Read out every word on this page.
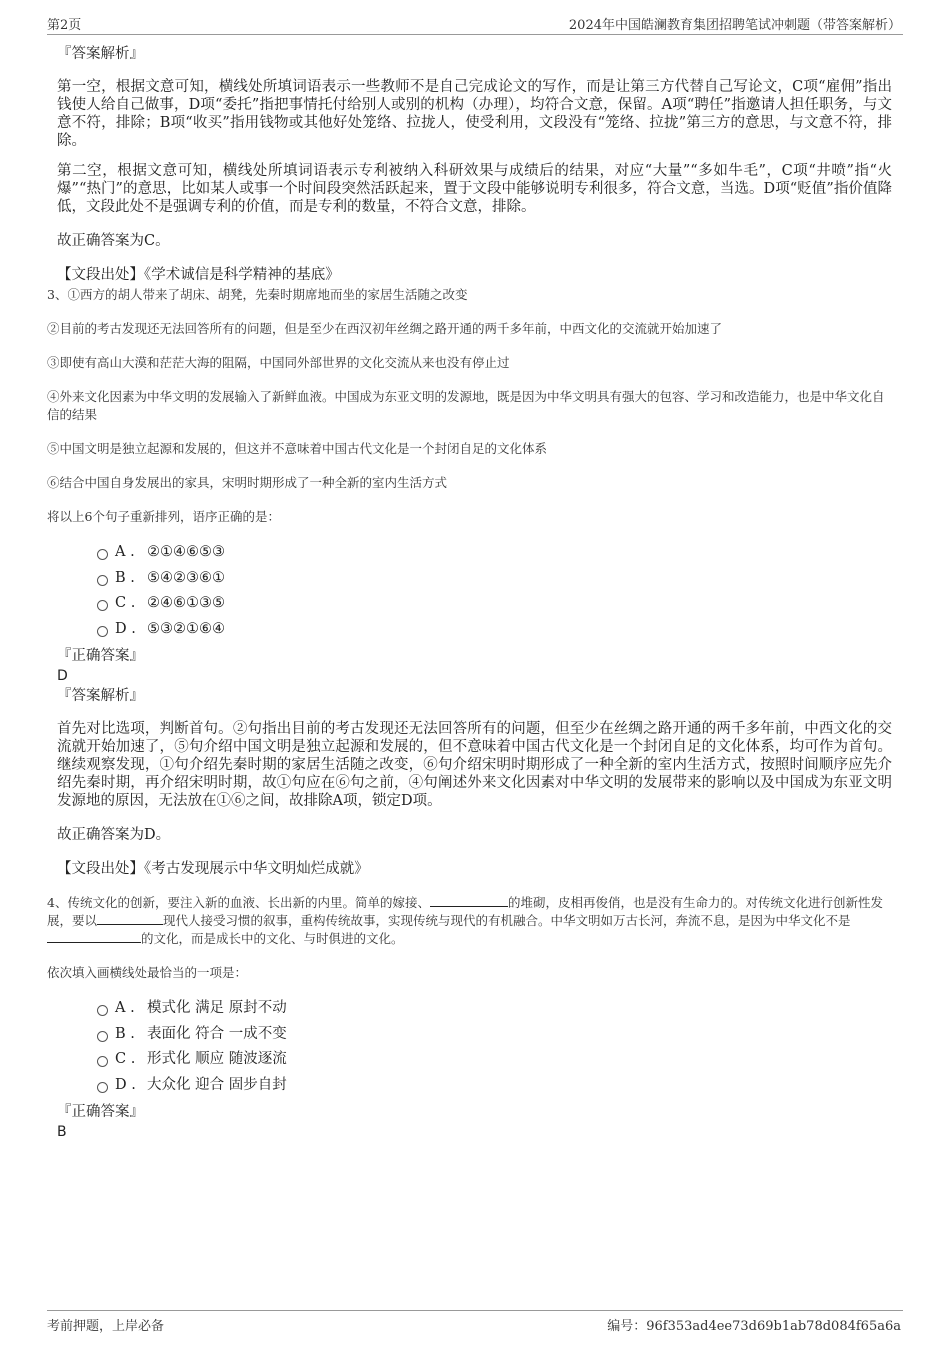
第2页	2024年中国皓澜教育集团招聘笔试冲刺题（带答案解析）
『答案解析』
第一空，根据文意可知，横线处所填词语表示一些教师不是自己完成论文的写作，而是让第三方代替自己写论文，C项“雇佣”指出钱使人给自己做事，D项“委托”指把事情托付给别人或别的机构（办理），均符合文意，保留。A项“聘任”指邀请人担任职务，与文意不符，排除；B项“收买”指用钱物或其他好处笼络、拉拢人，使受利用，文段没有“笼络、拉拢”第三方的意思，与文意不符，排除。
第二空，根据文意可知，横线处所填词语表示专利被纳入科研效果与成绩后的结果，对应“大量”“多如牛毛”，C项“井喷”指“火爆”“热门”的意思，比如某人或事一个时间段突然活跃起来，置于文段中能够说明专利很多，符合文意，当选。D项“贬值”指价值降低，文段此处不是强调专利的价值，而是专利的数量，不符合文意，排除。
故正确答案为C。
【文段出处】《学术诚信是科学精神的基底》

3、①西方的胡人带来了胡床、胡凳，先秦时期席地而坐的家居生活随之改变

②目前的考古发现还无法回答所有的问题，但是至少在西汉初年丝绸之路开通的两千多年前，中西文化的交流就开始加速了

③即使有高山大漠和茫茫大海的阻隔，中国同外部世界的文化交流从来也没有停止过

④外来文化因素为中华文明的发展输入了新鲜血液。中国成为东亚文明的发源地，既是因为中华文明具有强大的包容、学习和改造能力，也是中华文化自信的结果

⑤中国文明是独立起源和发展的，但这并不意味着中国古代文化是一个封闭自足的文化体系

⑥结合中国自身发展出的家具，宋明时期形成了一种全新的室内生活方式

将以上6个句子重新排列，语序正确的是：

A . ②①④⑥⑤③
B . ⑤④②③⑥①
C . ②④⑥①③⑤
D . ⑤③②①⑥④
『正确答案』
D
『答案解析』
首先对比选项，判断首句。②句指出目前的考古发现还无法回答所有的问题，但至少在丝绸之路开通的两千多年前，中西文化的交流就开始加速了，⑤句介绍中国文明是独立起源和发展的，但不意味着中国古代文化是一个封闭自足的文化体系，均可作为首句。继续观察发现，①句介绍先秦时期的家居生活随之改变，⑥句介绍宋明时期形成了一种全新的室内生活方式，按照时间顺序应先介绍先秦时期，再介绍宋明时期，故①句应在⑥句之前，④句阐述外来文化因素对中华文明的发展带来的影响以及中国成为东亚文明发源地的原因，无法放在①⑥之间，故排除A项，锁定D项。
故正确答案为D。
【文段出处】《考古发现展示中华文明灿烂成就》

4、传统文化的创新，要注入新的血液、长出新的内里。简单的嫁接、	的堆砌，皮相再俊俏，也是没有生命力的。对传统文化进行创新性发展，要以	现代人接受习惯的叙事，重构传统故事，实现传统与现代的有机融合。中华文明如万古长河，奔流不息，是因为中华文化不是的文化，而是成长中的文化、与时俱进的文化。

依次填入画横线处最恰当的一项是：

A . 模式化 满足 原封不动
B . 表面化 符合 一成不变
C . 形式化 顺应 随波逐流
D . 大众化 迎合 固步自封
『正确答案』
B
考前押题，上岸必备	编号：96f353ad4ee73d69b1ab78d084f65a6a
